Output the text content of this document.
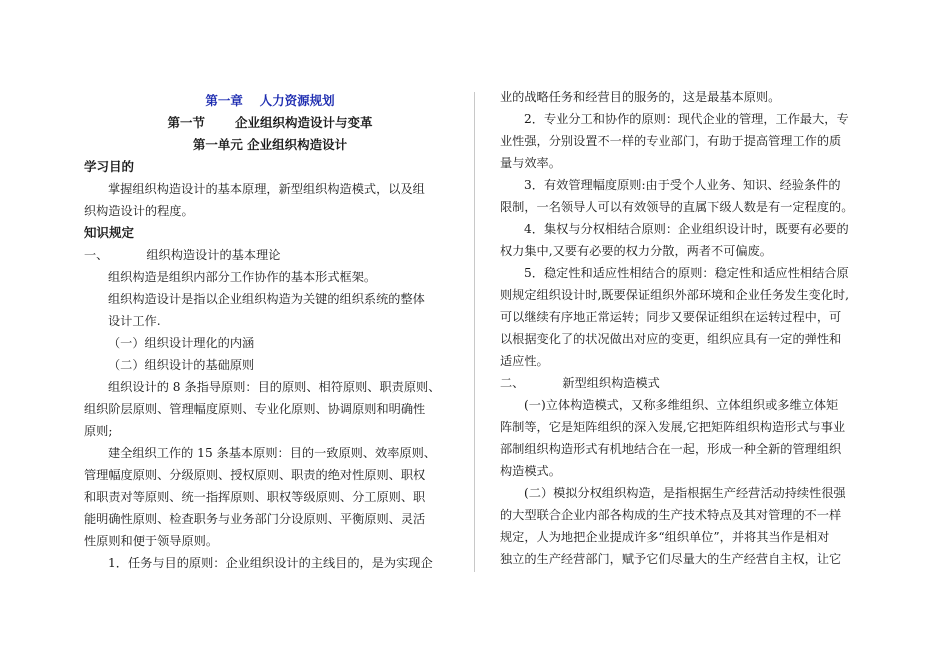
第一章　 人力资源规划
第一节 企业组织构造设计与变革
第一单元 企业组织构造设计
学习目的
掌握组织构造设计的基本原理，新型组织构造模式，以及组
织构造设计的程度。
知识规定
一、	组织构造设计的基本理论
组织构造是组织内部分工作协作的基本形式框架。
组织构造设计是指以企业组织构造为关键的组织系统的整体
设计工作.
（一）组织设计理化的内涵
（二）组织设计的基础原则
组织设计的 8 条指导原则：目的原则、相符原则、职责原则、
组织阶层原则、管理幅度原则、专业化原则、协调原则和明确性
原则;
建全组织工作的 15 条基本原则：目的一致原则、效率原则、
管理幅度原则、分级原则、授权原则、职责的绝对性原则、职权
和职责对等原则、统一指挥原则、职权等级原则、分工原则、职
能明确性原则、检查职务与业务部门分设原则、平衡原则、灵活
性原则和便于领导原则。
1．任务与目的原则：企业组织设计的主线目的，是为实现企
业的战略任务和经营目的服务的，这是最基本原则。
2．专业分工和协作的原则：现代企业的管理，工作最大，专
业性强，分别设置不一样的专业部门，有助于提高管理工作的质
量与效率。
3．有效管理幅度原则:由于受个人业务、知识、经验条件的
限制，一名领导人可以有效领导的直属下级人数是有一定程度的。
4．集权与分权相结合原则：企业组织设计时，既要有必要的
权力集中,又要有必要的权力分散，两者不可偏废。
5．稳定性和适应性相结合的原则：稳定性和适应性相结合原
则规定组织设计时,既要保证组织外部环境和企业任务发生变化时,
可以继续有序地正常运转；同步又要保证组织在运转过程中，可
以根据变化了的状况做出对应的变更，组织应具有一定的弹性和
适应性。
二、	新型组织构造模式
(一)立体构造模式，又称多维组织、立体组织或多维立体矩
阵制等，它是矩阵组织的深入发展,它把矩阵组织构造形式与事业
部制组织构造形式有机地结合在一起，形成一种全新的管理组织
构造模式。
(二）模拟分权组织构造，是指根据生产经营活动持续性很强
的大型联合企业内部各构成的生产技术特点及其对管理的不一样
规定，人为地把企业提成许多“组织单位”，并将其当作是相对
独立的生产经营部门，赋予它们尽量大的生产经营自主权，让它
